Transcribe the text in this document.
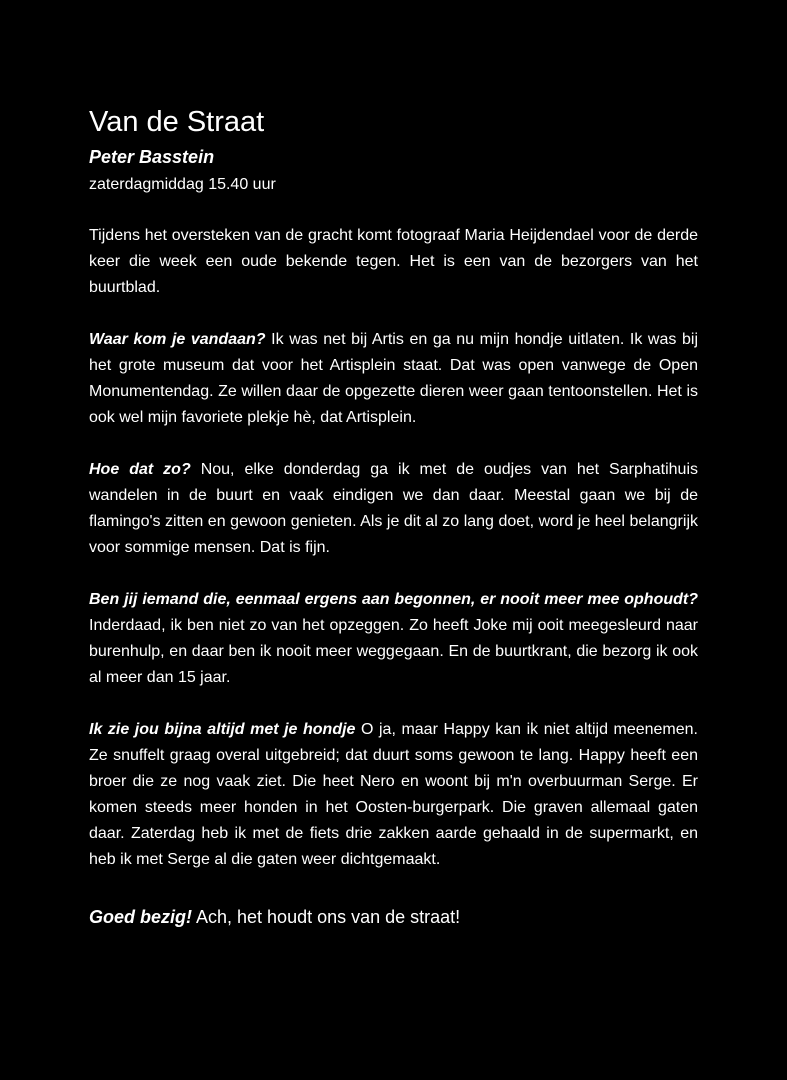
Van de Straat
Peter Basstein
zaterdagmiddag 15.40 uur

Tijdens het oversteken van de gracht komt fotograaf Maria Heijdendael voor de derde keer die week een oude bekende tegen. Het is een van de bezorgers van het buurtblad.

Waar kom je vandaan? Ik was net bij Artis en ga nu mijn hondje uitlaten. Ik was bij het grote museum dat voor het Artisplein staat. Dat was open vanwege de Open Monumentendag. Ze willen daar de opgezette dieren weer gaan tentoonstellen. Het is ook wel mijn favoriete plekje hè, dat Artisplein.

Hoe dat zo? Nou, elke donderdag ga ik met de oudjes van het Sarphatihuis wandelen in de buurt en vaak eindigen we dan daar. Meestal gaan we bij de flamingo's zitten en gewoon genieten. Als je dit al zo lang doet, word je heel belangrijk voor sommige mensen. Dat is fijn.

Ben jij iemand die, eenmaal ergens aan begonnen, er nooit meer mee ophoudt? Inderdaad, ik ben niet zo van het opzeggen. Zo heeft Joke mij ooit meegesleurd naar burenhulp, en daar ben ik nooit meer weggegaan. En de buurtkrant, die bezorg ik ook al meer dan 15 jaar.

Ik zie jou bijna altijd met je hondje O ja, maar Happy kan ik niet altijd meenemen. Ze snuffelt graag overal uitgebreid; dat duurt soms gewoon te lang. Happy heeft een broer die ze nog vaak ziet. Die heet Nero en woont bij m'n overbuurman Serge. Er komen steeds meer honden in het Oosten-burgerpark. Die graven allemaal gaten daar. Zaterdag heb ik met de fiets drie zakken aarde gehaald in de supermarkt, en heb ik met Serge al die gaten weer dichtgemaakt.

Goed bezig! Ach, het houdt ons van de straat!
